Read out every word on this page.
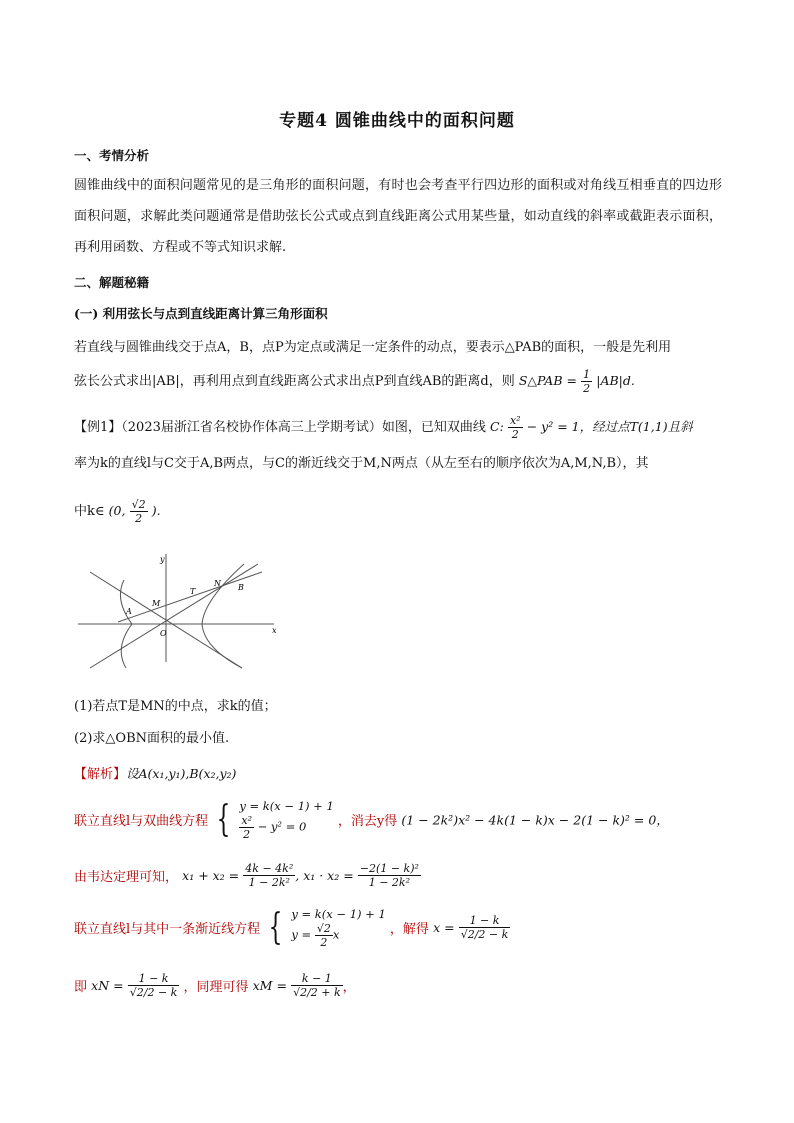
专题4 圆锥曲线中的面积问题
一、考情分析
圆锥曲线中的面积问题常见的是三角形的面积问题，有时也会考查平行四边形的面积或对角线互相垂直的四边形面积问题，求解此类问题通常是借助弦长公式或点到直线距离公式用某些量，如动直线的斜率或截距表示面积，再利用函数、方程或不等式知识求解.
二、解题秘籍
(一) 利用弦长与点到直线距离计算三角形面积
若直线与圆锥曲线交于点A，B，点P为定点或满足一定条件的动点，要表示△PAB的面积，一般是先利用
弦长公式求出|AB|，再利用点到直线距离公式求出点P到直线AB的距离d，则 S△PAB = $\frac{1}{2} |AB|d$.
【例1】（2023届浙江省名校协作体高三上学期考试）如图，已知双曲线 C: $\frac{\text{x²}}{2} - y^2 = 1$，经过点T(1,1)且斜
率为k的直线l与C交于A,B两点，与C的渐近线交于M,N两点（从左至右的顺序依次为A,M,N,B），其
中k∈ (0, $\frac{√2}{2}$ ).
y
x
O
A
M
T
N B
(1)若点T是MN的中点，求k的值；
(2)求△OBN面积的最小值.
【解析】设A(x₁,y₁),B(x₂,y₂)
联立直线l与双曲线方程 { y = k(x − 1) + 1
$\frac{\text{x²}}{2} - y^2 = 0$	，消去y得 (1 − 2k²)x² − 4k(1 − k)x − 2(1 − k)² = 0，
由韦达定理可知， $x_1 + x_2 = \frac{\text{4k − 4k²}}{\text{1 − 2k²}}$ , $x_1 \cdot x_2 = \frac{\text{−2(1 − k)²}}{\text{1 − 2k²}}$
联立直线l与其中一条渐近线方程 { y = k(x − 1) + 1
$y = \frac{√2}{2}$ x	，解得 $x = \frac{1 - k}{√2/2 - k}$
即 xN = $\frac{1 - k}{√2/2 - k}$ ，同理可得 xM = $\frac{k - 1}{√2/2 + k}$ ，
